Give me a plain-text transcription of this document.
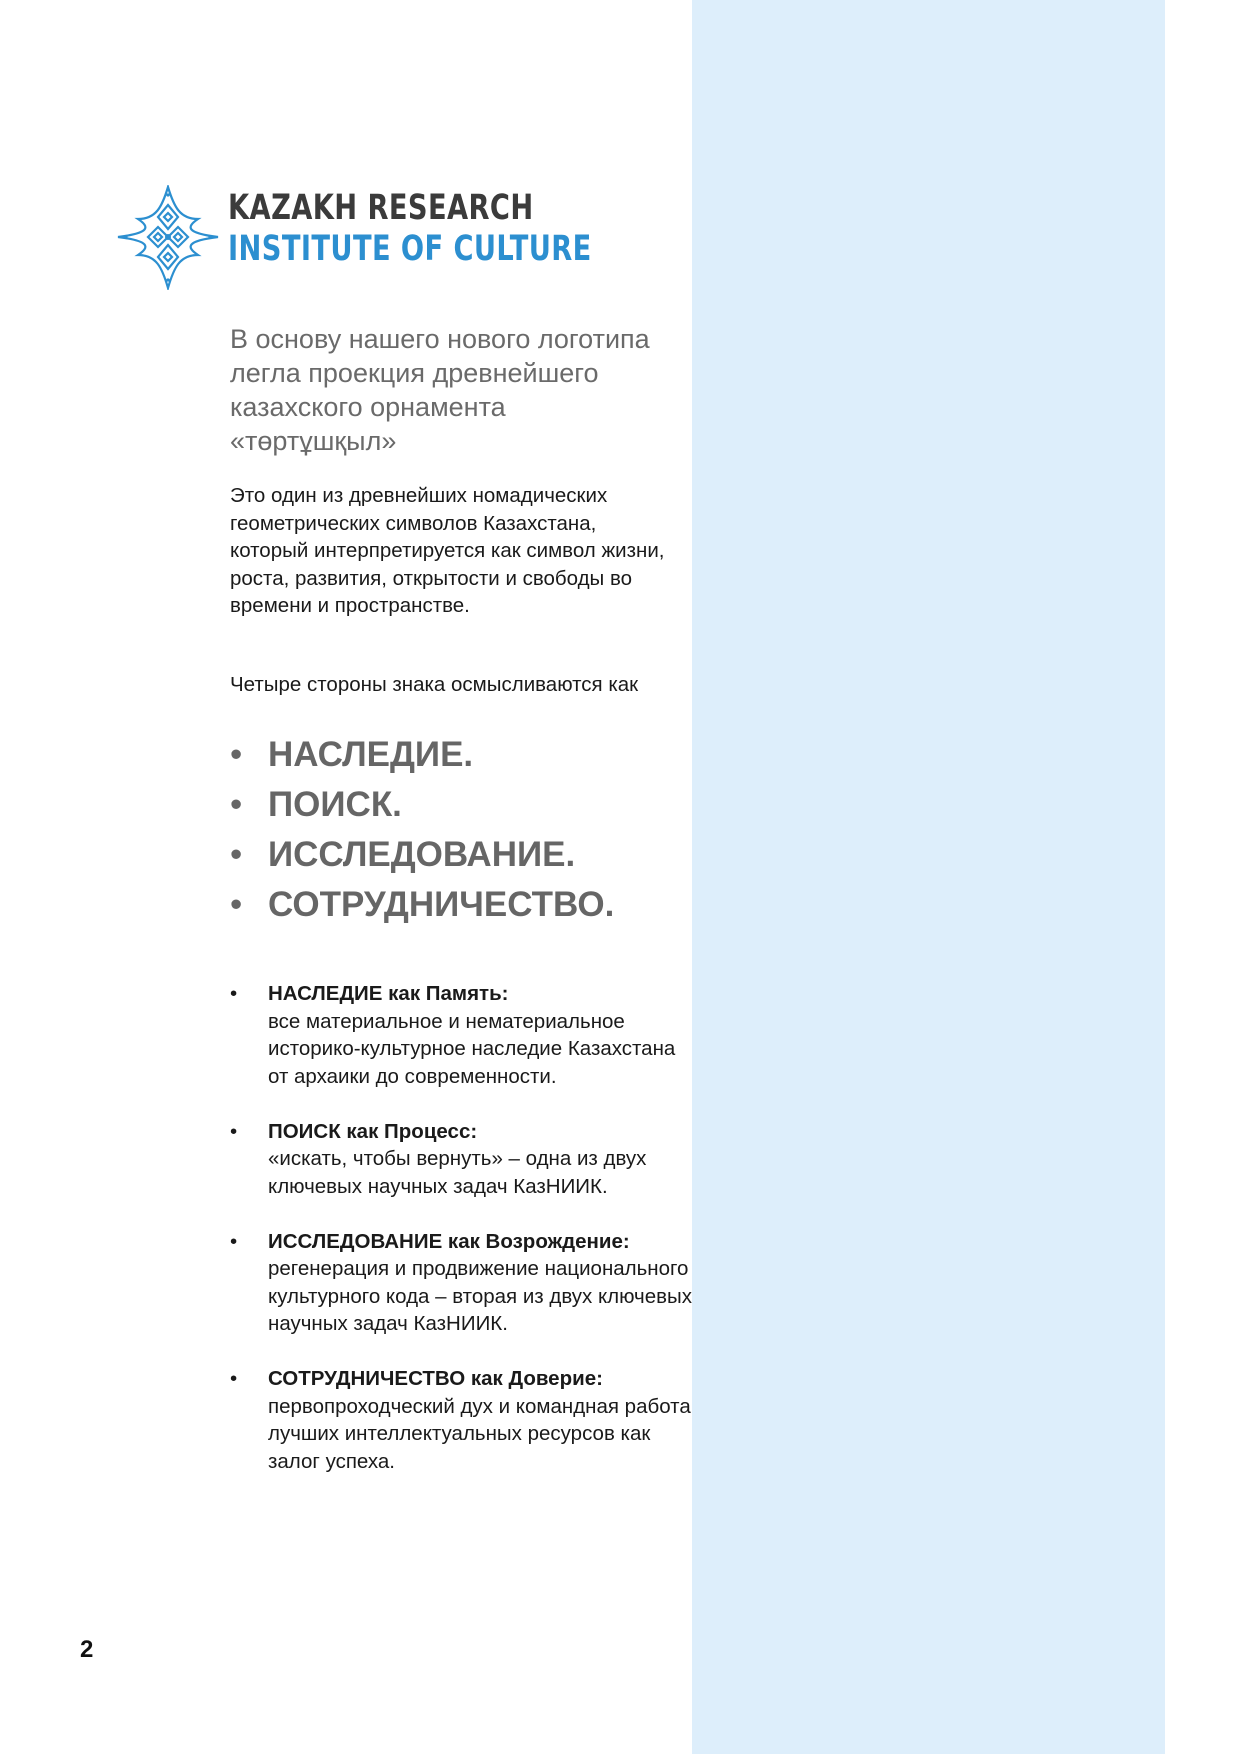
KAZAKH RESEARCH
INSTITUTE OF CULTURE

В основу нашего нового логотипа легла проекция древнейшего казахского орнамента «төртұшқыл»

Это один из древнейших номадических геометрических символов Казахстана, который интерпретируется как символ жизни, роста, развития, открытости и свободы во времени и пространстве.

Четыре стороны знака осмысливаются как

• НАСЛЕДИЕ.
• ПОИСК.
• ИССЛЕДОВАНИЕ.
• СОТРУДНИЧЕСТВО.
• НАСЛЕДИЕ как Память:
все материальное и нематериальное историко-культурное наследие Казахстана от архаики до современности.
• ПОИСК как Процесс:
«искать, чтобы вернуть» – одна из двух ключевых научных задач КазНИИК.
• ИССЛЕДОВАНИЕ как Возрождение: регенерация и продвижение национального культурного кода – вторая из двух ключевых научных задач КазНИИК.
• СОТРУДНИЧЕСТВО как Доверие: первопроходческий дух и командная работа лучших интеллектуальных ресурсов как залог успеха.
2
